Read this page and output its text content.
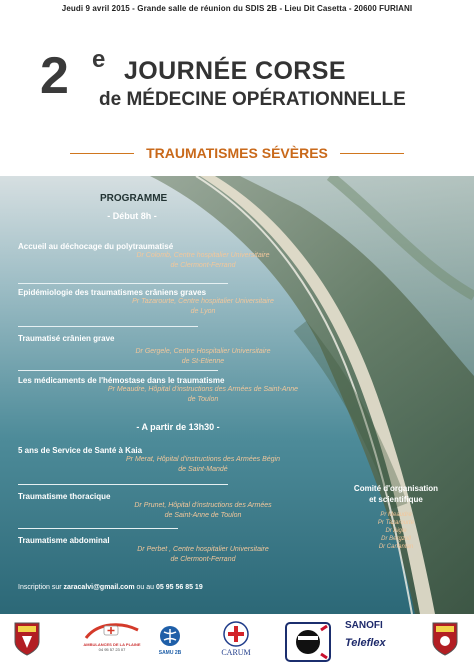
Jeudi 9 avril 2015 - Grande salle de réunion du SDIS 2B - Lieu Dit Casetta - 20600 FURIANI
2 e JOURNÉE CORSE
de MÉDECINE OPÉRATIONNELLE
TRAUMATISMES SÉVÈRES
PROGRAMME
- Début 8h -
Accueil au déchocage du polytraumatisé
Dr Colomb, Centre hospitalier Universitaire
de Clermont-Ferrand
Epidémiologie des traumatismes crâniens graves
Pr Tazarourte, Centre hospitalier Universitaire
de Lyon
Traumatisé crânien grave
Dr Gergele, Centre Hospitalier Universitaire
de St-Etienne
Les médicaments de l'hémostase dans le traumatisme
Pr Meaudre, Hôpital d'instructions des Armées de Saint-Anne
de Toulon
- A partir de 13h30 -
5 ans de Service de Santé à Kaia
Pr Merat, Hôpital d'instructions des Armées Bégin
de Saint-Mandé
Traumatisme thoracique
Dr Prunet, Hôpital d'instructions des Armées
de Saint-Anne de Toulon
Traumatisme abdominal
Dr Perbet , Centre hospitalier Universitaire
de Clermont-Ferrand
Comité d'organisation
et scientifique
Pr Meaudre
Pr Tazarourte
Dr Aigle
Dr Bergzoll
Dr Carfantan
Inscription sur zaracalvi@gmail.com ou au 05 95 56 85 19
AMBULANCES DE LA PLAINE
04 95 57 23 07
SAMU 2B	CARUM
SANOFI
Teleflex
